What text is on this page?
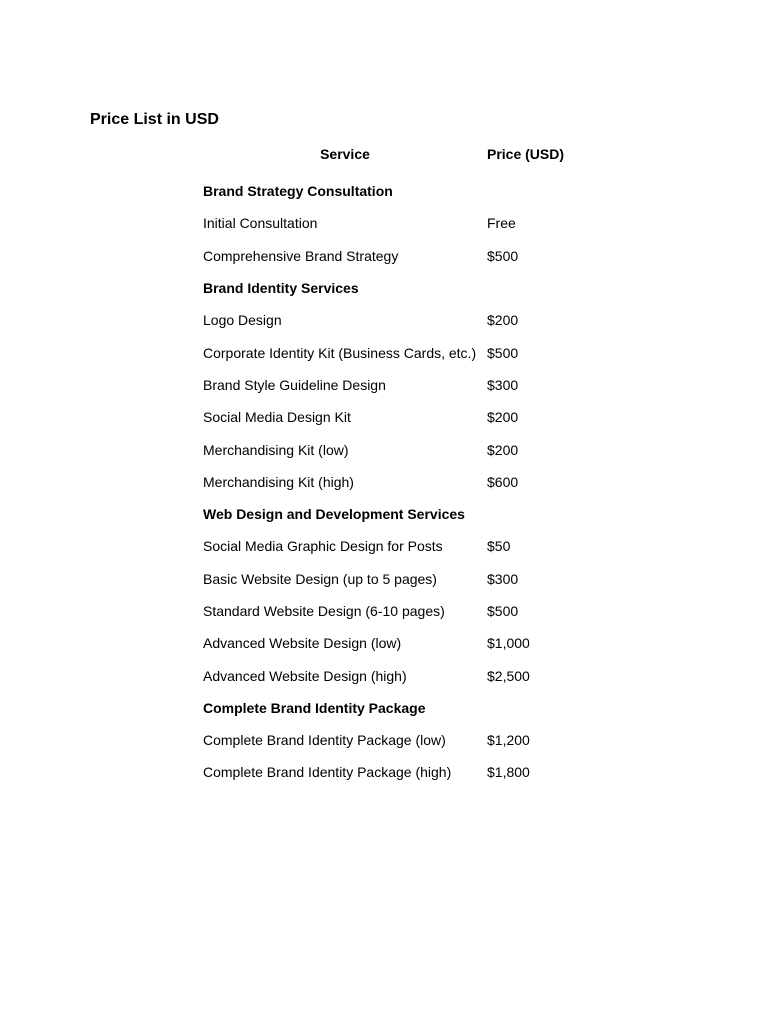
Price List in USD
Service	Price (USD)
Brand Strategy Consultation
Initial Consultation	Free
Comprehensive Brand Strategy	$500
Brand Identity Services
Logo Design	$200
Corporate Identity Kit (Business Cards, etc.) $500
Brand Style Guideline Design	$300
Social Media Design Kit	$200
Merchandising Kit (low)	$200
Merchandising Kit (high)	$600
Web Design and Development Services
Social Media Graphic Design for Posts	$50
Basic Website Design (up to 5 pages)	$300
Standard Website Design (6-10 pages)	$500
Advanced Website Design (low)	$1,000
Advanced Website Design (high)	$2,500
Complete Brand Identity Package
Complete Brand Identity Package (low)	$1,200
Complete Brand Identity Package (high)	$1,800
